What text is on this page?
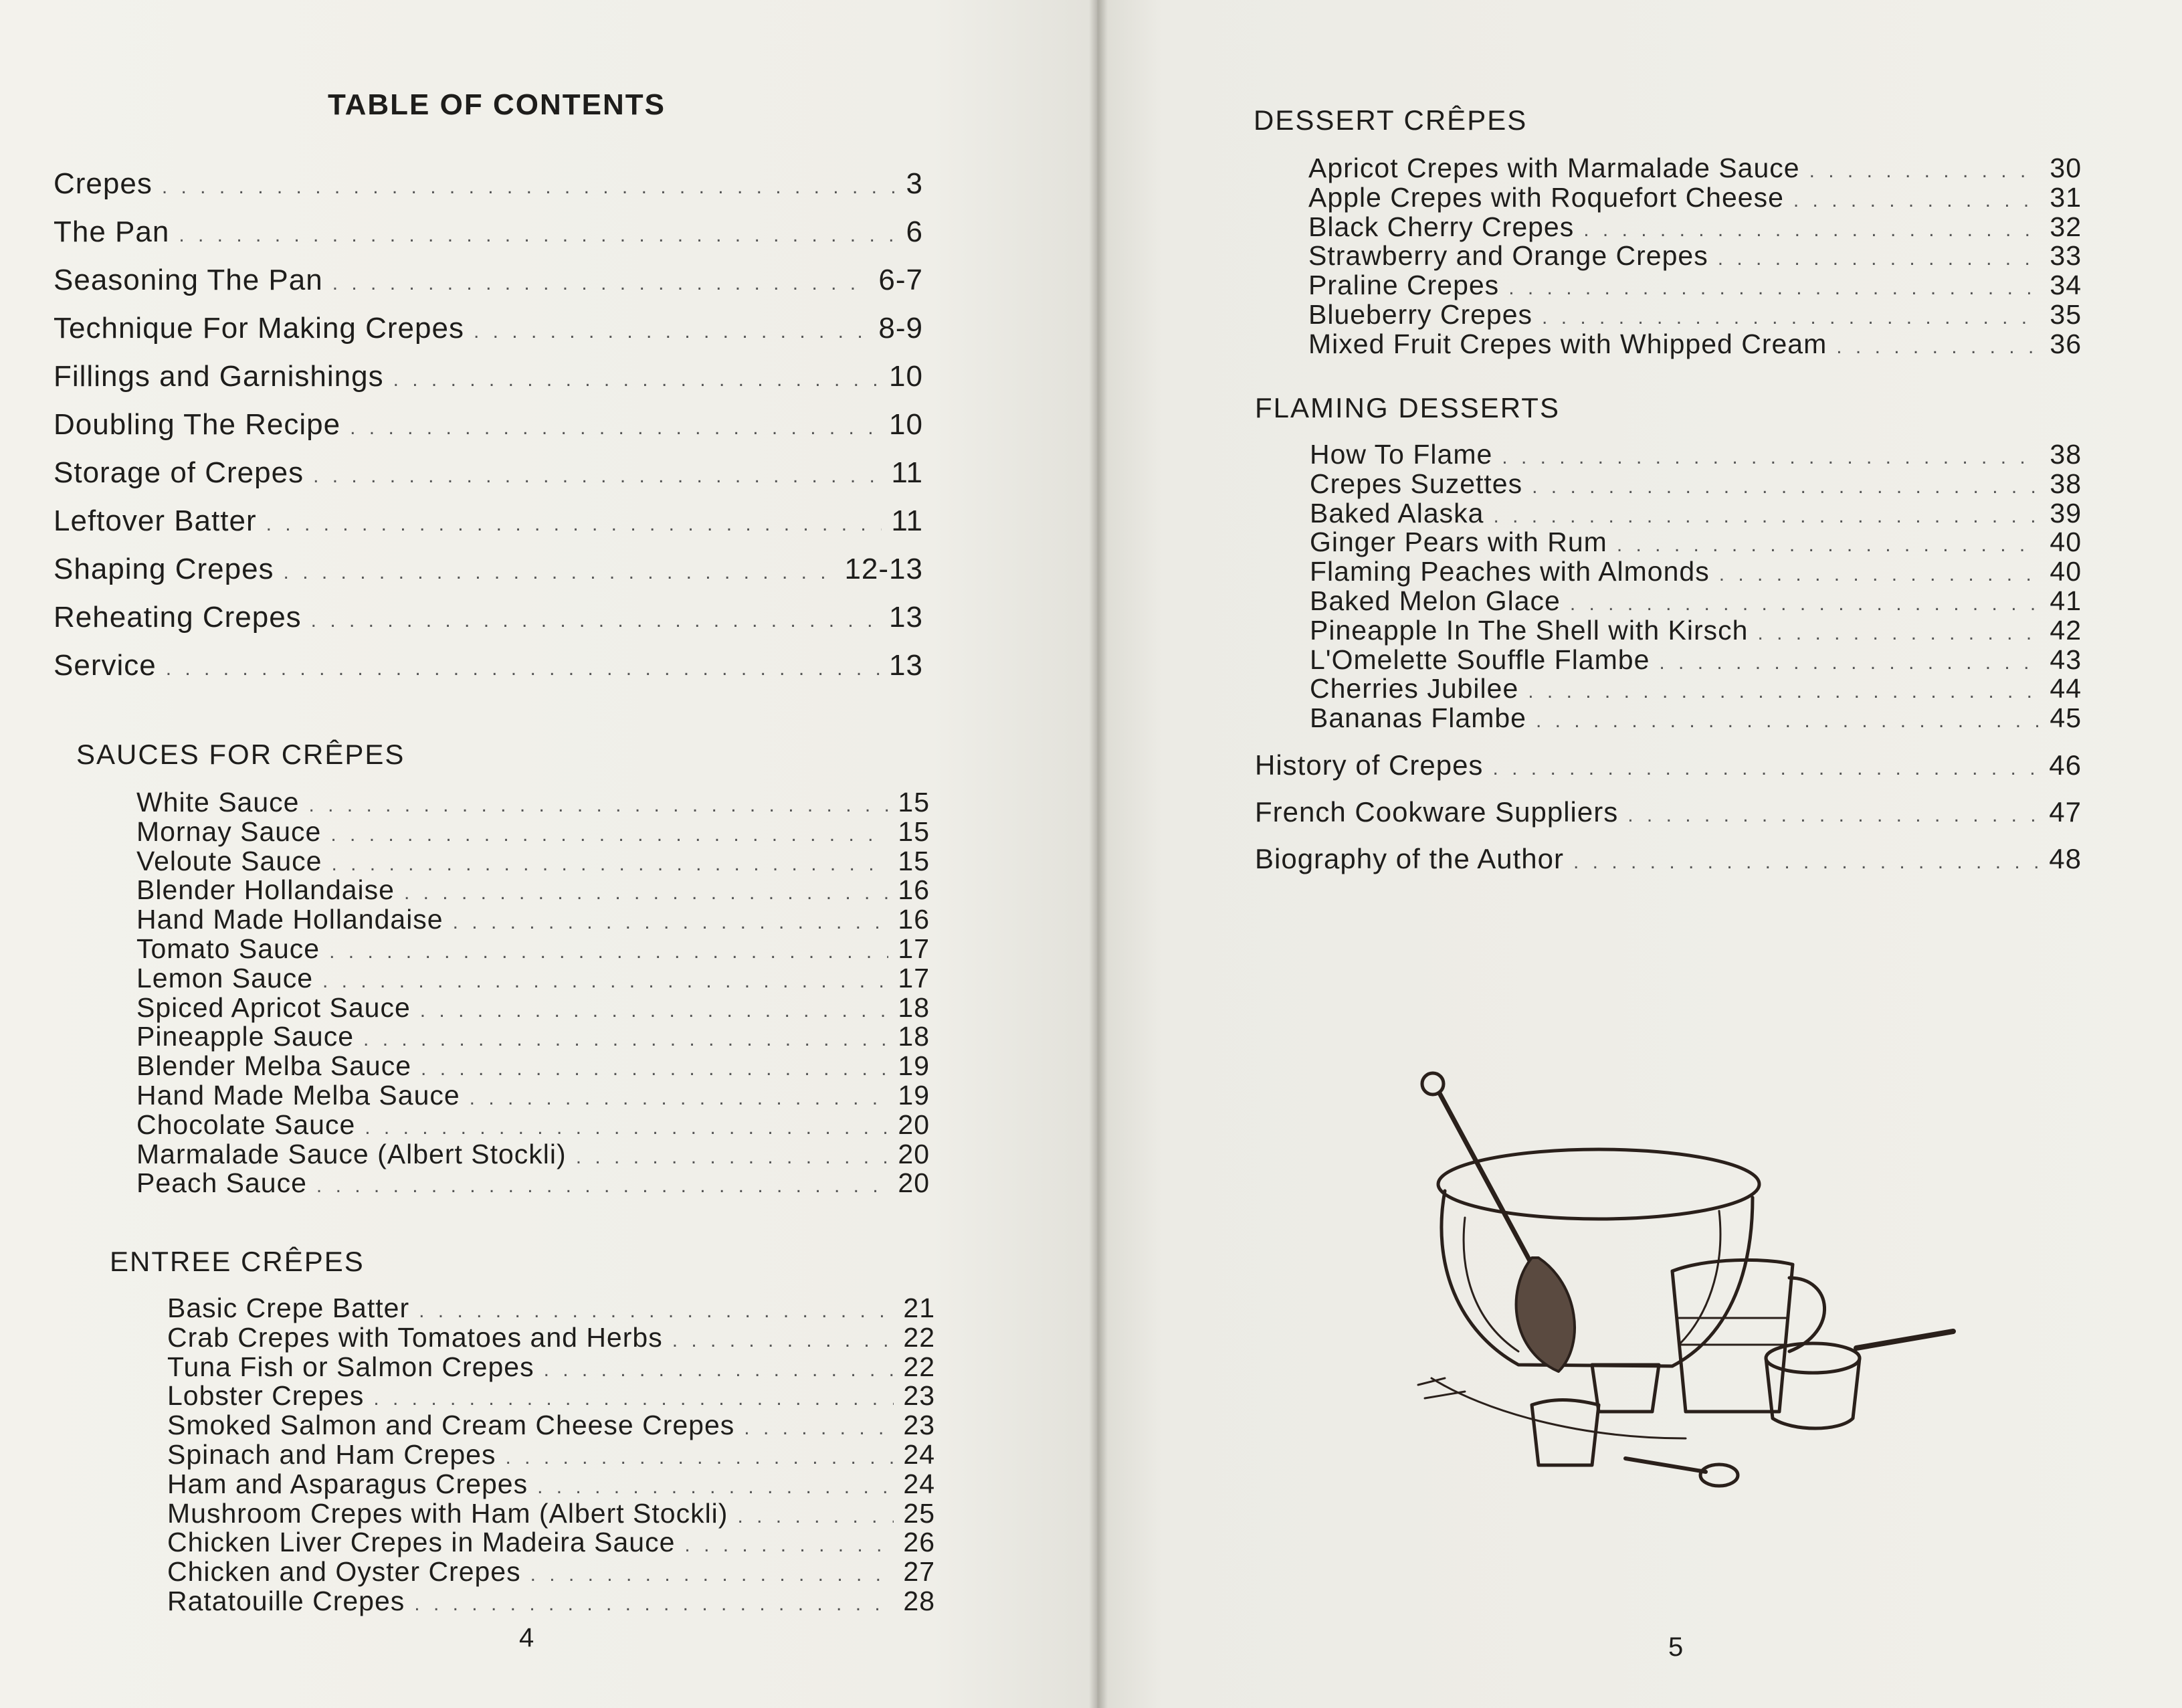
TABLE OF CONTENTS
Crepes . . .	3
The Pan . . .	6
Seasoning The Pan . . .	6-7
Technique For Making Crepes . . .	8-9
Fillings and Garnishings . . .	10
Doubling The Recipe . . .	10
Storage of Crepes . . .	11
Leftover Batter . . .	11
Shaping Crepes . . .	12-13
Reheating Crepes . . .	13
Service . . .	13
SAUCES FOR CRÊPES
White Sauce . . .	15
Mornay Sauce . . .	15
Veloute Sauce . . .	15
Blender Hollandaise . . .	16
Hand Made Hollandaise . . .	16
Tomato Sauce . . .	17
Lemon Sauce . . .	17
Spiced Apricot Sauce . . .	18
Pineapple Sauce . . .	18
Blender Melba Sauce . . .	19
Hand Made Melba Sauce . . .	19
Chocolate Sauce . . .	20
Marmalade Sauce (Albert Stockli) . . .	20
Peach Sauce . . .	20
ENTREE CRÊPES
Basic Crepe Batter . . .	21
Crab Crepes with Tomatoes and Herbs . . .	22
Tuna Fish or Salmon Crepes . . .	22
Lobster Crepes . . .	23
Smoked Salmon and Cream Cheese Crepes . . .	23
Spinach and Ham Crepes . . .	24
Ham and Asparagus Crepes . . .	24
Mushroom Crepes with Ham (Albert Stockli) . . .	25
Chicken Liver Crepes in Madeira Sauce . . .	26
Chicken and Oyster Crepes . . .	27
Ratatouille Crepes . . .	28
4
DESSERT CRÊPES
Apricot Crepes with Marmalade Sauce . . .	30
Apple Crepes with Roquefort Cheese . . .	31
Black Cherry Crepes . . .	32
Strawberry and Orange Crepes . . .	33
Praline Crepes . . .	34
Blueberry Crepes . . .	35
Mixed Fruit Crepes with Whipped Cream . . .	36
FLAMING DESSERTS
How To Flame . . .	38
Crepes Suzettes . . .	38
Baked Alaska . . .	39
Ginger Pears with Rum . . .	40
Flaming Peaches with Almonds . . .	40
Baked Melon Glace . . .	41
Pineapple In The Shell with Kirsch . . .	42
L'Omelette Souffle Flambe . . .	43
Cherries Jubilee . . .	44
Bananas Flambe . . .	45
History of Crepes . . .	46
French Cookware Suppliers . . .	47
Biography of the Author . . .	48
5
